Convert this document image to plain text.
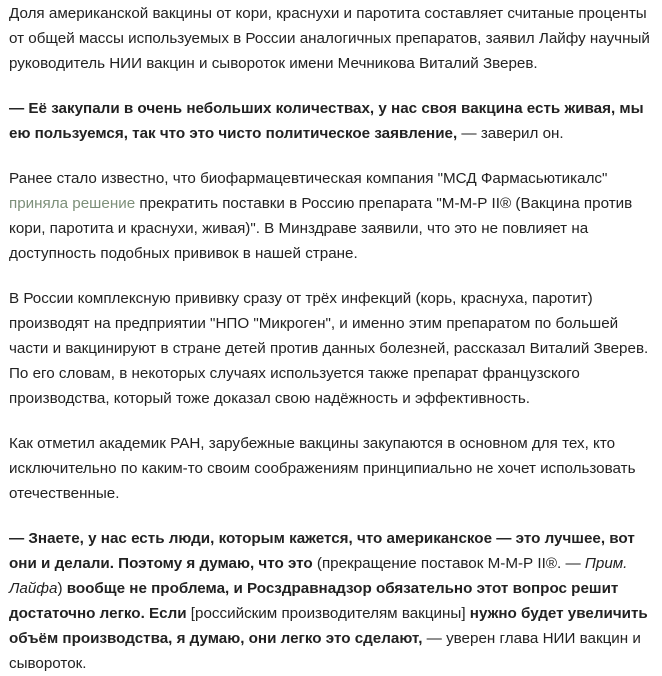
Доля американской вакцины от кори, краснухи и паротита составляет считаные проценты от общей массы используемых в России аналогичных препаратов, заявил Лайфу научный руководитель НИИ вакцин и сывороток имени Мечникова Виталий Зверев.

— Её закупали в очень небольших количествах, у нас своя вакцина есть живая, мы ею пользуемся, так что это чисто политическое заявление, — заверил он.

Ранее стало известно, что биофармацевтическая компания "МСД Фармасьютикалс" приняла решение прекратить поставки в Россию препарата "М-М-Р II® (Вакцина против кори, паротита и краснухи, живая)". В Минздраве заявили, что это не повлияет на доступность подобных прививок в нашей стране.

В России комплексную прививку сразу от трёх инфекций (корь, краснуха, паротит) производят на предприятии "НПО "Микроген", и именно этим препаратом по большей части и вакцинируют в стране детей против данных болезней, рассказал Виталий Зверев. По его словам, в некоторых случаях используется также препарат французского производства, который тоже доказал свою надёжность и эффективность.

Как отметил академик РАН, зарубежные вакцины закупаются в основном для тех, кто исключительно по каким-то своим соображениям принципиально не хочет использовать отечественные.

— Знаете, у нас есть люди, которым кажется, что американское — это лучшее, вот они и делали. Поэтому я думаю, что это (прекращение поставок М-М-Р II®. — Прим. Лайфа) вообще не проблема, и Росздравнадзор обязательно этот вопрос решит достаточно легко. Если [российским производителям вакцины] нужно будет увеличить объём производства, я думаю, они легко это сделают, — уверен глава НИИ вакцин и сывороток.
